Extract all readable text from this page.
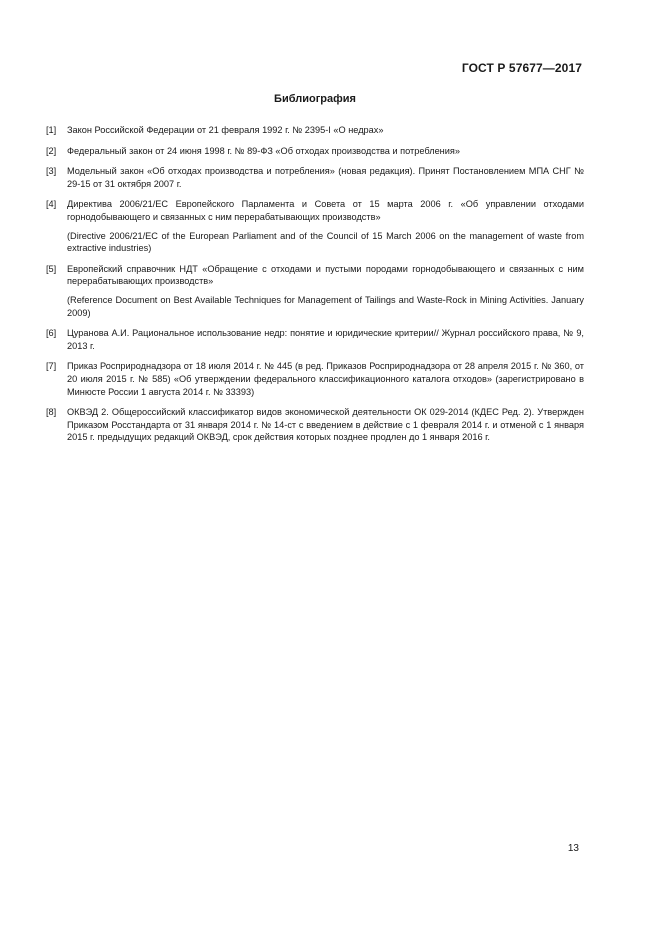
ГОСТ Р 57677—2017
Библиография
[1]	Закон Российской Федерации от 21 февраля 1992 г. № 2395-I «О недрах»

[2]	Федеральный закон от 24 июня 1998 г. № 89-ФЗ «Об отходах производства и потребления»

[3]	Модельный закон «Об отходах производства и потребления» (новая редакция). Принят Постановлением МПА СНГ № 29-15 от 31 октября 2007 г.

[4]	Директива 2006/21/ЕС Европейского Парламента и Совета от 15 марта 2006 г. «Об управлении отходами горнодобывающего и связанных с ним перерабатывающих производств»

(Directive 2006/21/EC of the European Parliament and of the Council of 15 March 2006 on the management of waste from extractive industries)

[5]	Европейский справочник НДТ «Обращение с отходами и пустыми породами горнодобывающего и связанных с ним перерабатывающих производств»

(Reference Document on Best Available Techniques for Management of Tailings and Waste-Rock in Mining Activities. January 2009)

[6]	Цуранова А.И. Рациональное использование недр: понятие и юридические критерии// Журнал российского права, № 9, 2013 г.

[7]	Приказ Росприроднадзора от 18 июля 2014 г. № 445 (в ред. Приказов Росприроднадзора от 28 апреля 2015 г. № 360, от 20 июля 2015 г. № 585) «Об утверждении федерального классификационного каталога отходов» (зарегистрировано в Минюсте России 1 августа 2014 г. № 33393)

[8]	ОКВЭД 2. Общероссийский классификатор видов экономической деятельности ОК 029-2014 (КДЕС Ред. 2). Утвержден Приказом Росстандарта от 31 января 2014 г. № 14-ст с введением в действие с 1 февраля 2014 г. и отменой с 1 января 2015 г. предыдущих редакций ОКВЭД, срок действия которых позднее продлен до 1 января 2016 г.

13
